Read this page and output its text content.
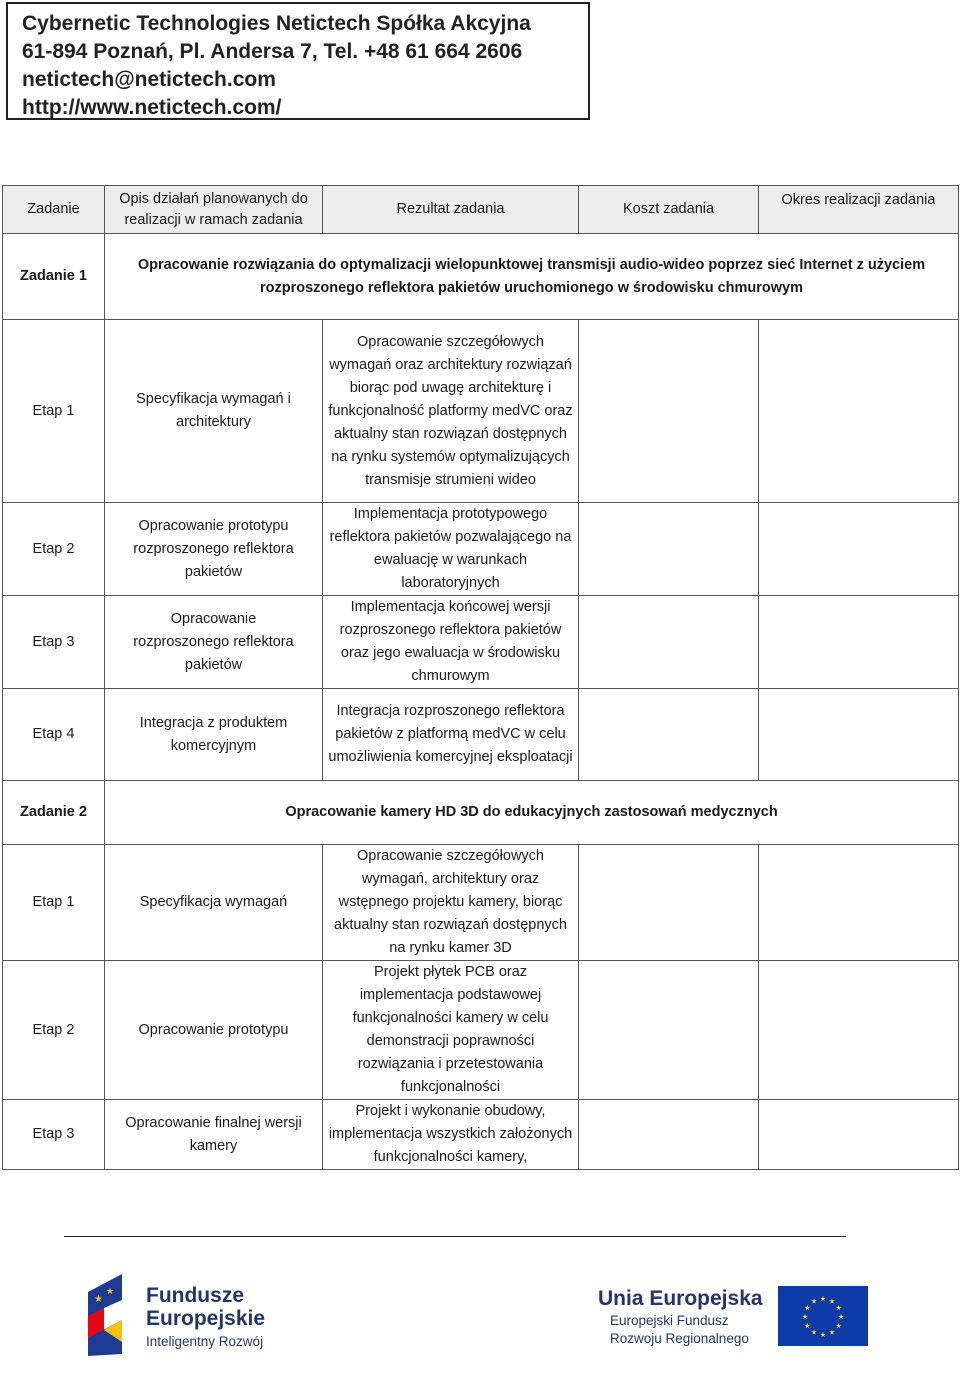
Cybernetic Technologies Netictech Spółka Akcyjna
61-894 Poznań, Pl. Andersa 7, Tel. +48 61 664 2606
netictech@netictech.com
http://www.netictech.com/
Zadanie	Opis działań planowanych do realizacji w ramach zadania	Rezultat zadania	Koszt zadania	Okres realizacji zadania
Zadanie 1	Opracowanie rozwiązania do optymalizacji wielopunktowej transmisji audio-wideo poprzez sieć Internet z użyciem rozproszonego reflektora pakietów uruchomionego w środowisku chmurowym			
Etap 1	Specyfikacja wymagań i architektury	Opracowanie szczegółowych wymagań oraz architektury rozwiązań biorąc pod uwagę architekturę i funkcjonalność platformy medVC oraz aktualny stan rozwiązań dostępnych na rynku systemów optymalizujących transmisje strumieni wideo		
Etap 2	Opracowanie prototypu rozproszonego reflektora pakietów	Implementacja prototypowego reflektora pakietów pozwalającego na ewaluację w warunkach laboratoryjnych		
Etap 3	Opracowanie rozproszonego reflektora pakietów	Implementacja końcowej wersji rozproszonego reflektora pakietów oraz jego ewaluacja w środowisku chmurowym		
Etap 4	Integracja z produktem komercyjnym	Integracja rozproszonego reflektora pakietów z platformą medVC w celu umożliwienia komercyjnej eksploatacji		
Zadanie 2	Opracowanie kamery HD 3D do edukacyjnych zastosowań medycznych			
Etap 1	Specyfikacja wymagań	Opracowanie szczegółowych wymagań, architektury oraz wstępnego projektu kamery, biorąc aktualny stan rozwiązań dostępnych na rynku kamer 3D		
Etap 2	Opracowanie prototypu	Projekt płytek PCB oraz implementacja podstawowej funkcjonalności kamery w celu demonstracji poprawności rozwiązania i przetestowania funkcjonalności		
Etap 3	Opracowanie finalnej wersji kamery	Projekt i wykonanie obudowy, implementacja wszystkich założonych funkcjonalności kamery,		
★
★ Fundusze
Europejskie
Inteligentny Rozwój
Unia Europejska
Europejski Fundusz
Rozwoju Regionalnego
★ ★
★
★
★
★
★
★
★
★
★
★
